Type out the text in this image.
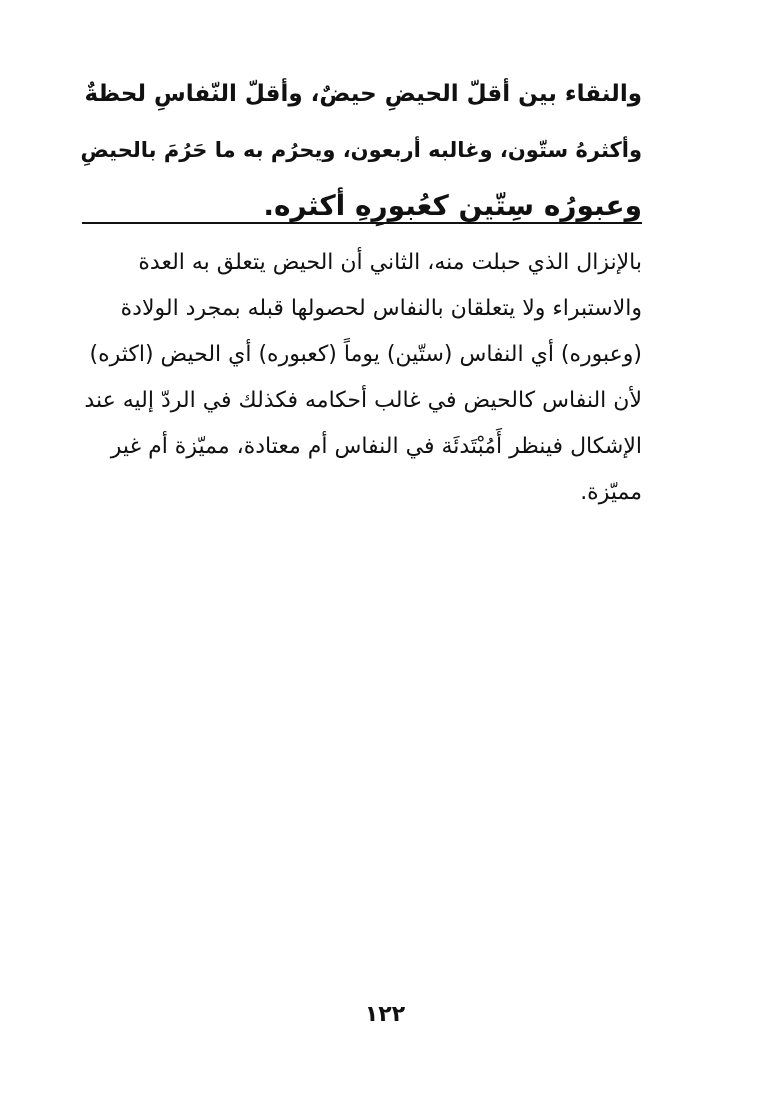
والنقاء بين أقلّ الحيضِ حيضٌ، وأقلّ النّفاسِ لحظةٌ
وأكثرهُ ستّون، وغالبه أربعون، ويحرُم به ما حَرُمَ بالحيضِ
وعبورُه سِتّين كعُبورِهِ أكثره.
بالإنزال الذي حبلت منه، الثاني أن الحيض يتعلق به العدة
والاستبراء ولا يتعلقان بالنفاس لحصولها قبله بمجرد الولادة
(وعبوره) أي النفاس (ستّين) يوماً (كعبوره) أي الحيض (اكثره)
لأن النفاس كالحيض في غالب أحكامه فكذلك في الردّ إليه عند
الإشكال فينظر أَمُبْتَدئَة في النفاس أم معتادة، مميّزة أم غير
مميّزة.
١٢٢
